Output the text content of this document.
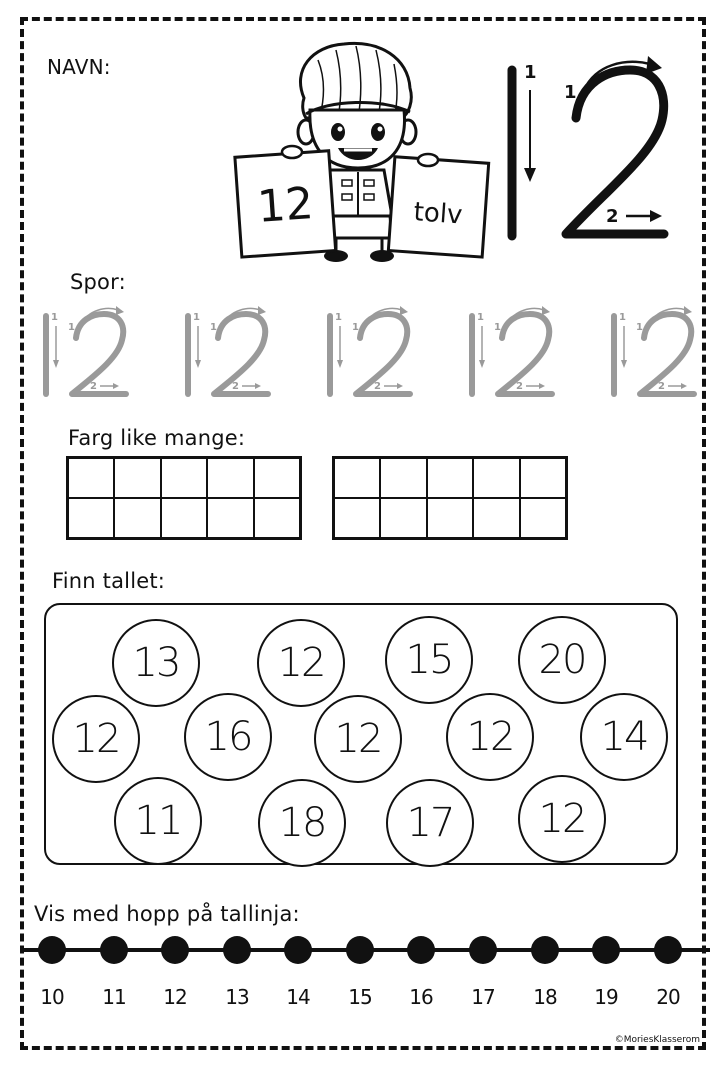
NAVN:
12	tolv
1
1
2
Spor:
1
1
2
1
1
2
1
1
2
1
1
2
1
1
2
Farg like mange:
Finn tallet:
13	12	15	20
12	16	12	12	14
11	18	17	12
Vis med hopp på tallinja:
10	11	12	13	14	15	16	17	18	19	20
©MoriesKlasserom
